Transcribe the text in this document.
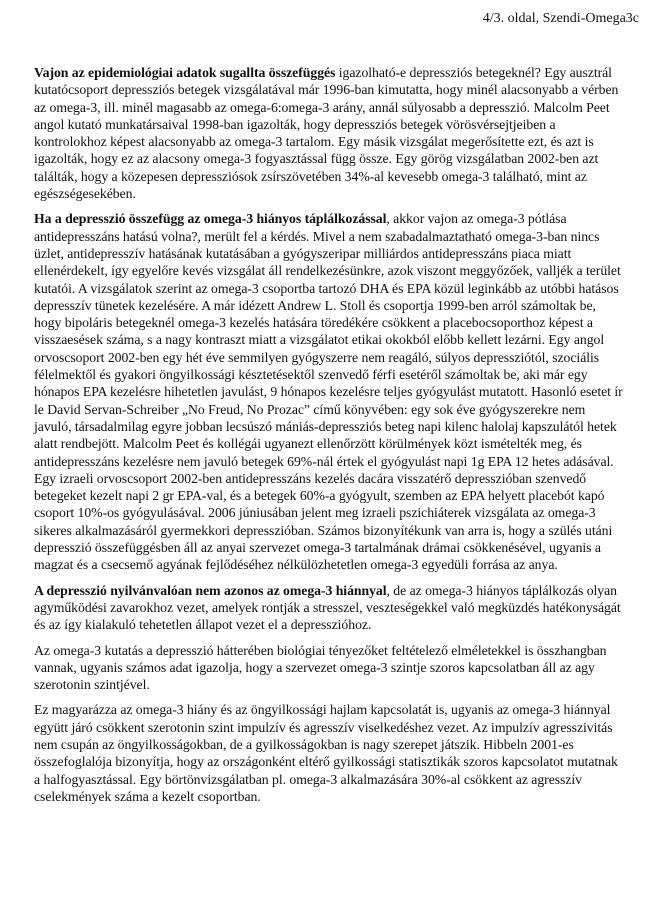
4/3. oldal, Szendi-Omega3c

Vajon az epidemiológiai adatok sugallta összefüggés igazolható-e depressziós betegeknél? Egy ausztrál kutatócsoport depressziós betegek vizsgálatával már 1996-ban kimutatta, hogy minél alacsonyabb a vérben az omega-3, ill. minél magasabb az omega-6:omega-3 arány, annál súlyosabb a depresszió. Malcolm Peet angol kutató munkatársaival 1998-ban igazolták, hogy depressziós betegek vörösvérsejtjeiben a kontrolokhoz képest alacsonyabb az omega-3 tartalom. Egy másik vizsgálat megerősítette ezt, és azt is igazolták, hogy ez az alacsony omega-3 fogyasztással függ össze. Egy görög vizsgálatban 2002-ben azt találták, hogy a közepesen depressziósok zsírszövetében 34%-al kevesebb omega-3 található, mint az egészségesekében.

Ha a depresszió összefügg az omega-3 hiányos táplálkozással, akkor vajon az omega-3 pótlása antidepresszáns hatású volna?, merült fel a kérdés. Mivel a nem szabadalmaztatható omega-3-ban nincs üzlet, antidepresszív hatásának kutatásában a gyógyszeripar milliárdos antidepresszáns piaca miatt ellenérdekelt, így egyelőre kevés vizsgálat áll rendelkezésünkre, azok viszont meggyőzőek, valljék a terület kutatói. A vizsgálatok szerint az omega-3 csoportba tartozó DHA és EPA közül leginkább az utóbbi hatásos depresszív tünetek kezelésére. A már idézett Andrew L. Stoll és csoportja 1999-ben arról számoltak be, hogy bipoláris betegeknél omega-3 kezelés hatására töredékére csökkent a placebocsoporthoz képest a visszaesések száma, s a nagy kontraszt miatt a vizsgálatot etikai okokból előbb kellett lezárni. Egy angol orvoscsoport 2002-ben egy hét éve semmilyen gyógyszerre nem reagáló, súlyos depressziótól, szociális félelmektől és gyakori öngyilkossági késztetésektől szenvedő férfi esetéről számoltak be, aki már egy hónapos EPA kezelésre hihetetlen javulást, 9 hónapos kezelésre teljes gyógyulást mutatott. Hasonló esetet ír le David Servan-Schreiber „No Freud, No Prozac” című könyvében: egy sok éve gyógyszerekre nem javuló, társadalmilag egyre jobban lecsúszó mániás-depressziós beteg napi kilenc halolaj kapszulától hetek alatt rendbejött. Malcolm Peet és kollégái ugyanezt ellenőrzött körülmények közt ismételték meg, és antidepresszáns kezelésre nem javuló betegek 69%-nál értek el gyógyulást napi 1g EPA 12 hetes adásával. Egy izraeli orvoscsoport 2002-ben antidepresszáns kezelés dacára visszatérő depresszióban szenvedő betegeket kezelt napi 2 gr EPA-val, és a betegek 60%-a gyógyult, szemben az EPA helyett placebót kapó csoport 10%-os gyógyulásával. 2006 júniusában jelent meg izraeli pszichiáterek vizsgálata az omega-3 sikeres alkalmazásáról gyermekkori depresszióban. Számos bizonyítékunk van arra is, hogy a szülés utáni depresszió összefüggésben áll az anyai szervezet omega-3 tartalmának drámai csökkenésével, ugyanis a magzat és a csecsemő agyának fejlődéséhez nélkülözhetetlen omega-3 egyedüli forrása az anya.

A depresszió nyilvánvalóan nem azonos az omega-3 hiánnyal, de az omega-3 hiányos táplálkozás olyan agyműködési zavarokhoz vezet, amelyek rontják a stresszel, veszteségekkel való megküzdés hatékonyságát és az így kialakuló tehetetlen állapot vezet el a depresszióhoz.

Az omega-3 kutatás a depresszió hátterében biológiai tényezőket feltételező elméletekkel is összhangban vannak, ugyanis számos adat igazolja, hogy a szervezet omega-3 szintje szoros kapcsolatban áll az agy szerotonin szintjével.

Ez magyarázza az omega-3 hiány és az öngyilkossági hajlam kapcsolatát is, ugyanis az omega-3 hiánnyal együtt járó csökkent szerotonin szint impulzív és agresszív viselkedéshez vezet. Az impulzív agresszivitás nem csupán az öngyilkosságokban, de a gyilkosságokban is nagy szerepet játszik. Hibbeln 2001-es összefoglalója bizonyítja, hogy az országonként eltérő gyilkossági statisztikák szoros kapcsolatot mutatnak a halfogyasztással. Egy börtönvizsgálatban pl. omega-3 alkalmazására 30%-al csökkent az agresszív cselekmények száma a kezelt csoportban.
